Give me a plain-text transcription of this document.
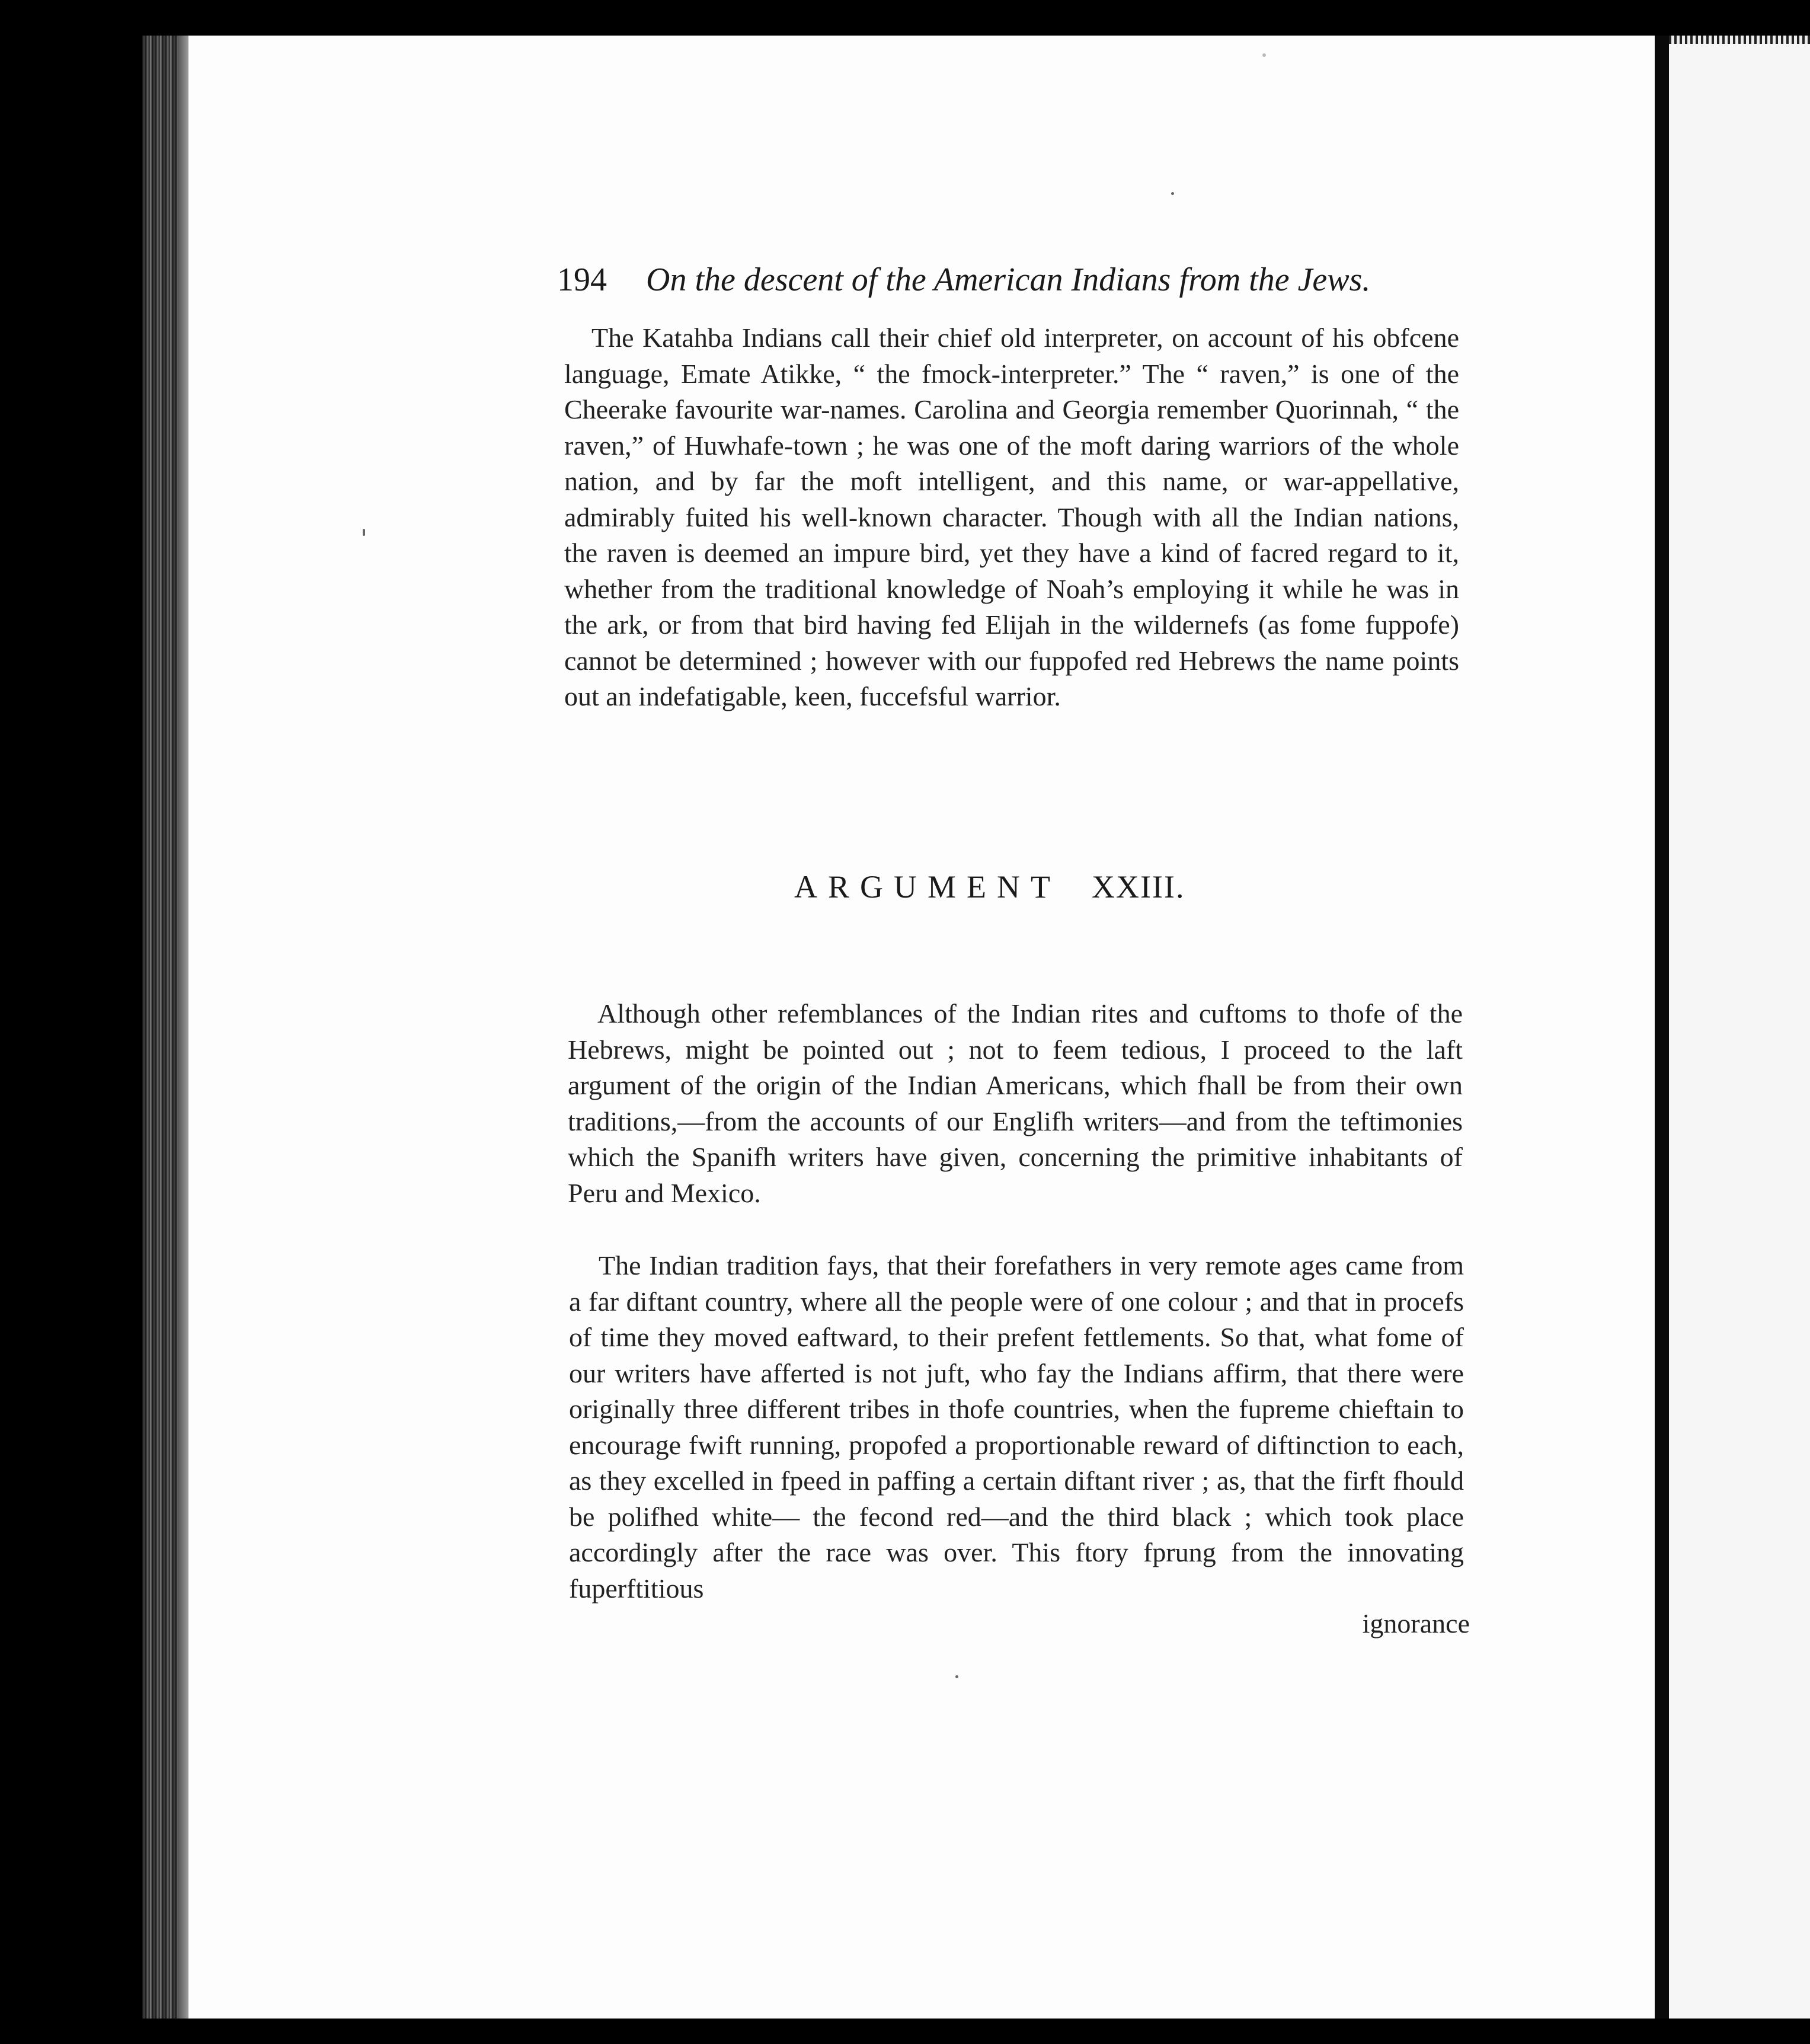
194 On the descent of the American Indians from the Jews.

The Katahba Indians call their chief old interpreter, on account of his obfcene language, Emate Atikke, “ the fmock-interpreter.” The “ raven,” is one of the Cheerake favourite war-names. Carolina and Georgia remember Quorinnah, “ the raven,” of Huwhafe-town ; he was one of the moft daring warriors of the whole nation, and by far the moft intelligent, and this name, or war-appellative, admirably fuited his well-known character. Though with all the Indian nations, the raven is deemed an impure bird, yet they have a kind of facred regard to it, whether from the traditional knowledge of Noah’s employing it while he was in the ark, or from that bird having fed Elijah in the wildernefs (as fome fuppofe) cannot be determined ; however with our fuppofed red Hebrews the name points out an indefatigable, keen, fuccefsful warrior.

ARGUMENT XXIII.

Although other refemblances of the Indian rites and cuftoms to thofe of the Hebrews, might be pointed out ; not to feem tedious, I proceed to the laft argument of the origin of the Indian Americans, which fhall be from their own traditions,—from the accounts of our Englifh writers—and from the teftimonies which the Spanifh writers have given, concerning the primitive inhabitants of Peru and Mexico.

The Indian tradition fays, that their forefathers in very remote ages came from a far diftant country, where all the people were of one colour ; and that in procefs of time they moved eaftward, to their prefent fettlements. So that, what fome of our writers have afferted is not juft, who fay the Indians affirm, that there were originally three different tribes in thofe countries, when the fupreme chieftain to encourage fwift running, propofed a proportionable reward of diftinction to each, as they excelled in fpeed in paffing a certain diftant river ; as, that the firft fhould be polifhed white— the fecond red—and the third black ; which took place accordingly after the race was over. This ftory fprung from the innovating fuperftitious

ignorance
